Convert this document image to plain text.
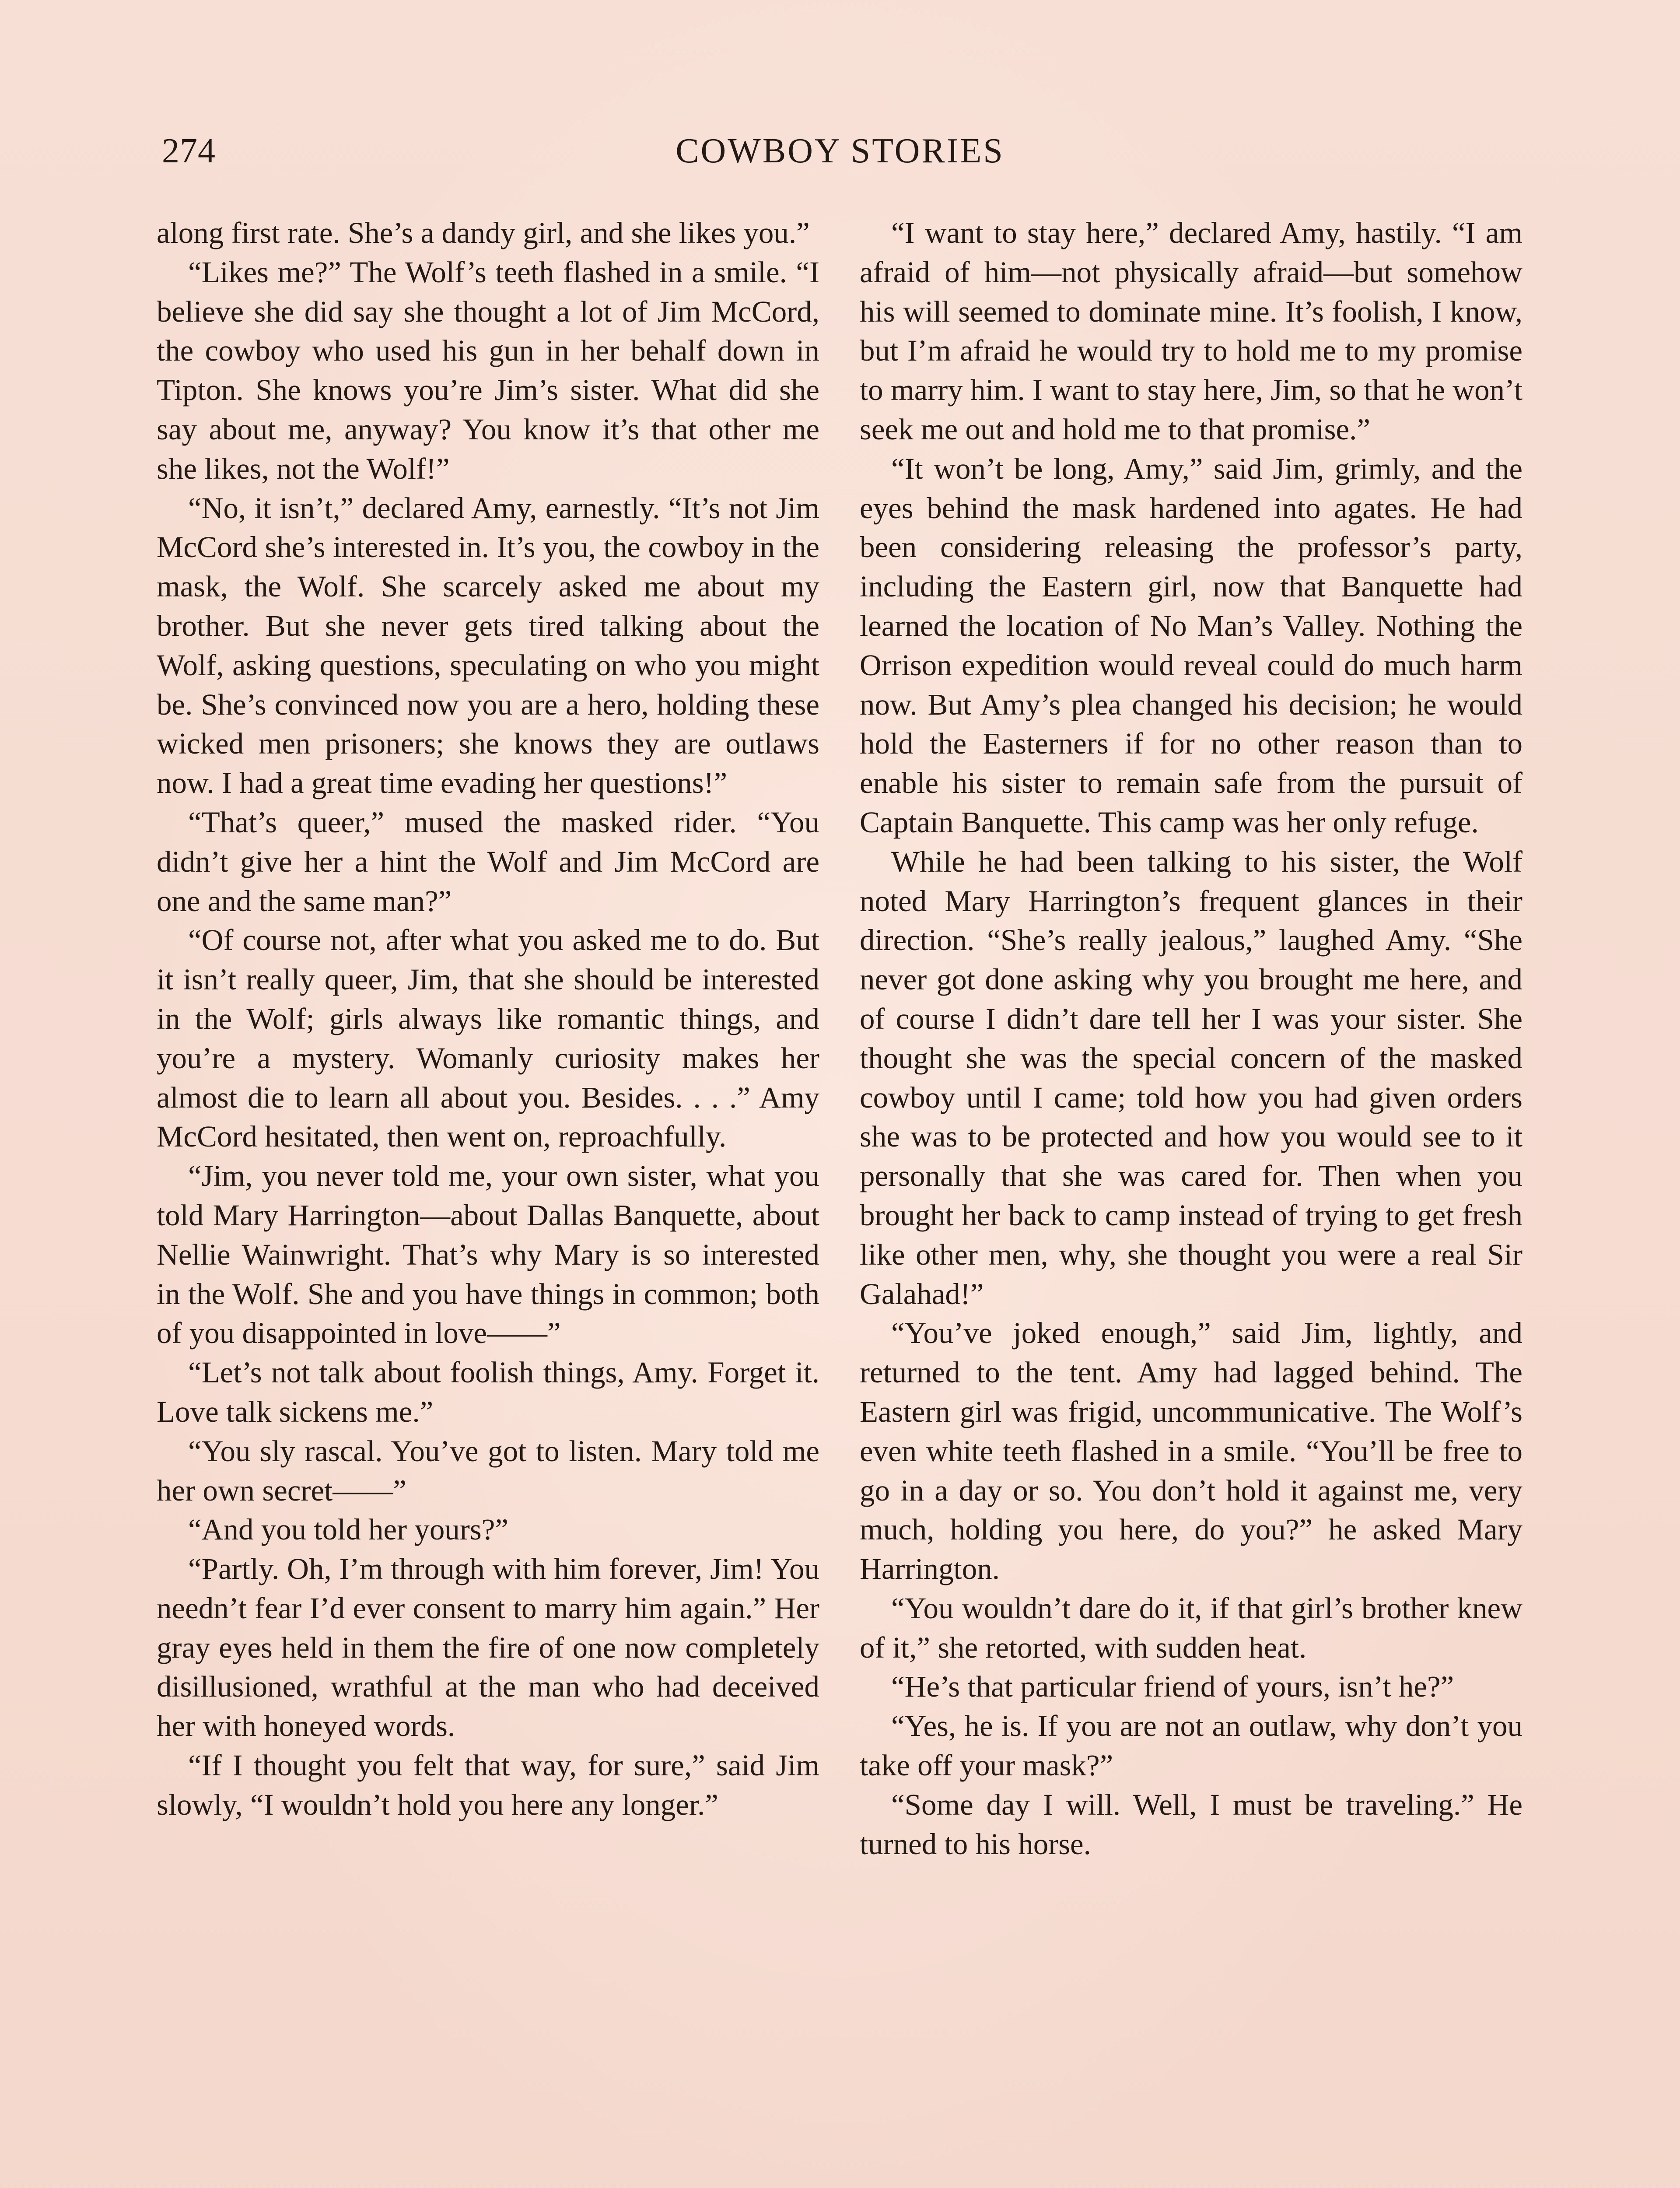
274	COWBOY STORIES

along first rate. She’s a dandy girl, and she likes you.”

“Likes me?” The Wolf’s teeth flashed in a smile. “I believe she did say she thought a lot of Jim McCord, the cowboy who used his gun in her behalf down in Tipton. She knows you’re Jim’s sister. What did she say about me, anyway? You know it’s that other me she likes, not the Wolf!”

“No, it isn’t,” declared Amy, earnestly. “It’s not Jim McCord she’s interested in. It’s you, the cowboy in the mask, the Wolf. She scarcely asked me about my brother. But she never gets tired talking about the Wolf, asking questions, speculating on who you might be. She’s convinced now you are a hero, holding these wicked men prisoners; she knows they are outlaws now. I had a great time evading her questions!”

“That’s queer,” mused the masked rider. “You didn’t give her a hint the Wolf and Jim McCord are one and the same man?”

“Of course not, after what you asked me to do. But it isn’t really queer, Jim, that she should be interested in the Wolf; girls always like romantic things, and you’re a mystery. Womanly curiosity makes her almost die to learn all about you. Besides. . . .” Amy McCord hesitated, then went on, reproachfully.

“Jim, you never told me, your own sister, what you told Mary Harrington—about Dallas Banquette, about Nellie Wainwright. That’s why Mary is so interested in the Wolf. She and you have things in common; both of you disappointed in love——”

“Let’s not talk about foolish things, Amy. Forget it. Love talk sickens me.”

“You sly rascal. You’ve got to listen. Mary told me her own secret——”

“And you told her yours?”

“Partly. Oh, I’m through with him forever, Jim! You needn’t fear I’d ever consent to marry him again.” Her gray eyes held in them the fire of one now completely disillusioned, wrathful at the man who had deceived her with honeyed words.

“If I thought you felt that way, for sure,” said Jim slowly, “I wouldn’t hold you here any longer.”

“I want to stay here,” declared Amy, hastily. “I am afraid of him—not physically afraid—but somehow his will seemed to dominate mine. It’s foolish, I know, but I’m afraid he would try to hold me to my promise to marry him. I want to stay here, Jim, so that he won’t seek me out and hold me to that promise.”

“It won’t be long, Amy,” said Jim, grimly, and the eyes behind the mask hardened into agates. He had been considering releasing the professor’s party, including the Eastern girl, now that Banquette had learned the location of No Man’s Valley. Nothing the Orrison expedition would reveal could do much harm now. But Amy’s plea changed his decision; he would hold the Easterners if for no other reason than to enable his sister to remain safe from the pursuit of Captain Banquette. This camp was her only refuge.

While he had been talking to his sister, the Wolf noted Mary Harrington’s frequent glances in their direction. “She’s really jealous,” laughed Amy. “She never got done asking why you brought me here, and of course I didn’t dare tell her I was your sister. She thought she was the special concern of the masked cowboy until I came; told how you had given orders she was to be protected and how you would see to it personally that she was cared for. Then when you brought her back to camp instead of trying to get fresh like other men, why, she thought you were a real Sir Galahad!”

“You’ve joked enough,” said Jim, lightly, and returned to the tent. Amy had lagged behind. The Eastern girl was frigid, uncommunicative. The Wolf’s even white teeth flashed in a smile. “You’ll be free to go in a day or so. You don’t hold it against me, very much, holding you here, do you?” he asked Mary Harrington.

“You wouldn’t dare do it, if that girl’s brother knew of it,” she retorted, with sudden heat.

“He’s that particular friend of yours, isn’t he?”

“Yes, he is. If you are not an outlaw, why don’t you take off your mask?”

“Some day I will. Well, I must be traveling.” He turned to his horse.
